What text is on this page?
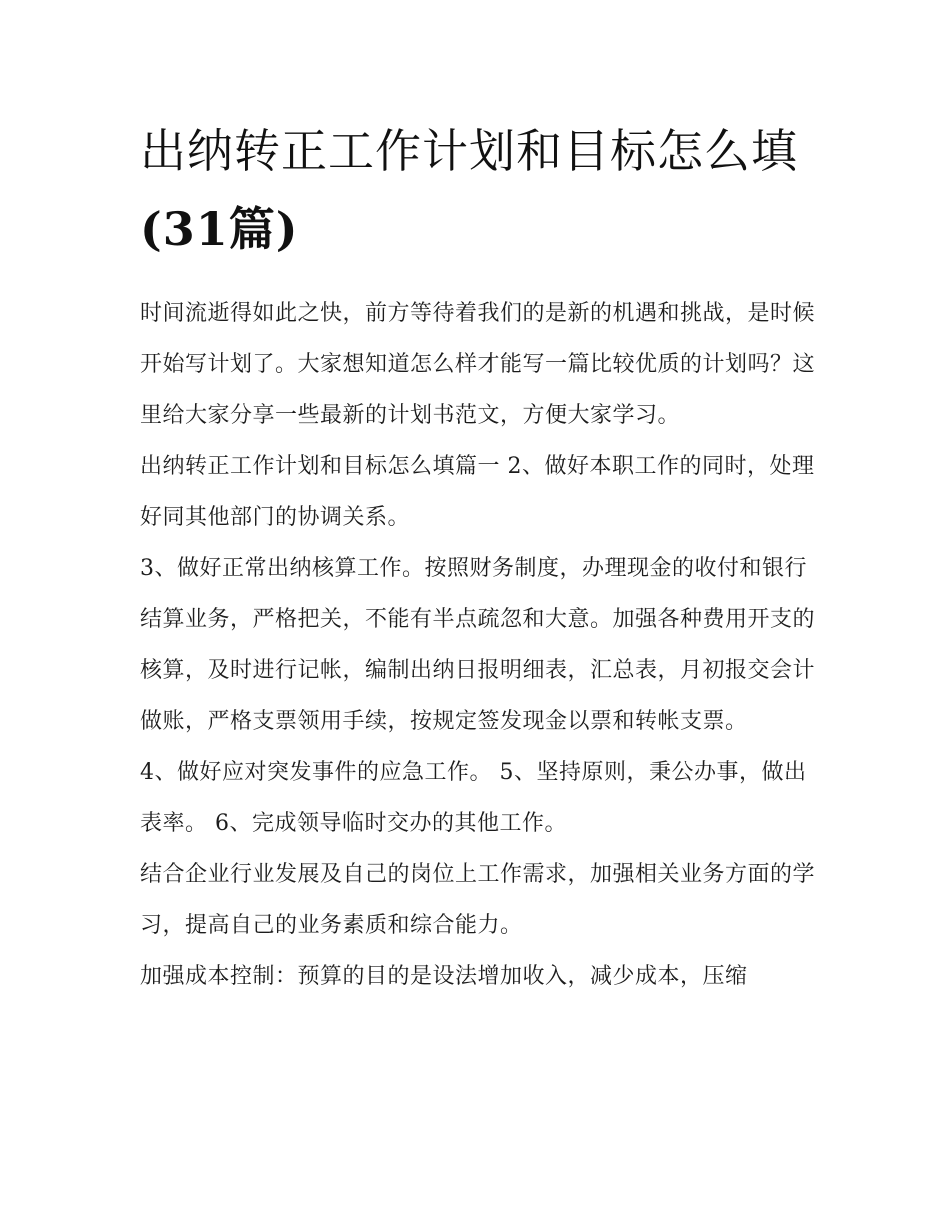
出纳转正工作计划和目标怎么填
(31篇)

时间流逝得如此之快，前方等待着我们的是新的机遇和挑战，是时候开始写计划了。大家想知道怎么样才能写一篇比较优质的计划吗？这里给大家分享一些最新的计划书范文，方便大家学习。

出纳转正工作计划和目标怎么填篇一 2、做好本职工作的同时，处理好同其他部门的协调关系。

3、做好正常出纳核算工作。按照财务制度，办理现金的收付和银行结算业务，严格把关，不能有半点疏忽和大意。加强各种费用开支的核算，及时进行记帐，编制出纳日报明细表，汇总表，月初报交会计做账，严格支票领用手续，按规定签发现金以票和转帐支票。

4、做好应对突发事件的应急工作。 5、坚持原则，秉公办事，做出表率。 6、完成领导临时交办的其他工作。

结合企业行业发展及自己的岗位上工作需求，加强相关业务方面的学习，提高自己的业务素质和综合能力。

加强成本控制：预算的目的是设法增加收入，减少成本，压缩
